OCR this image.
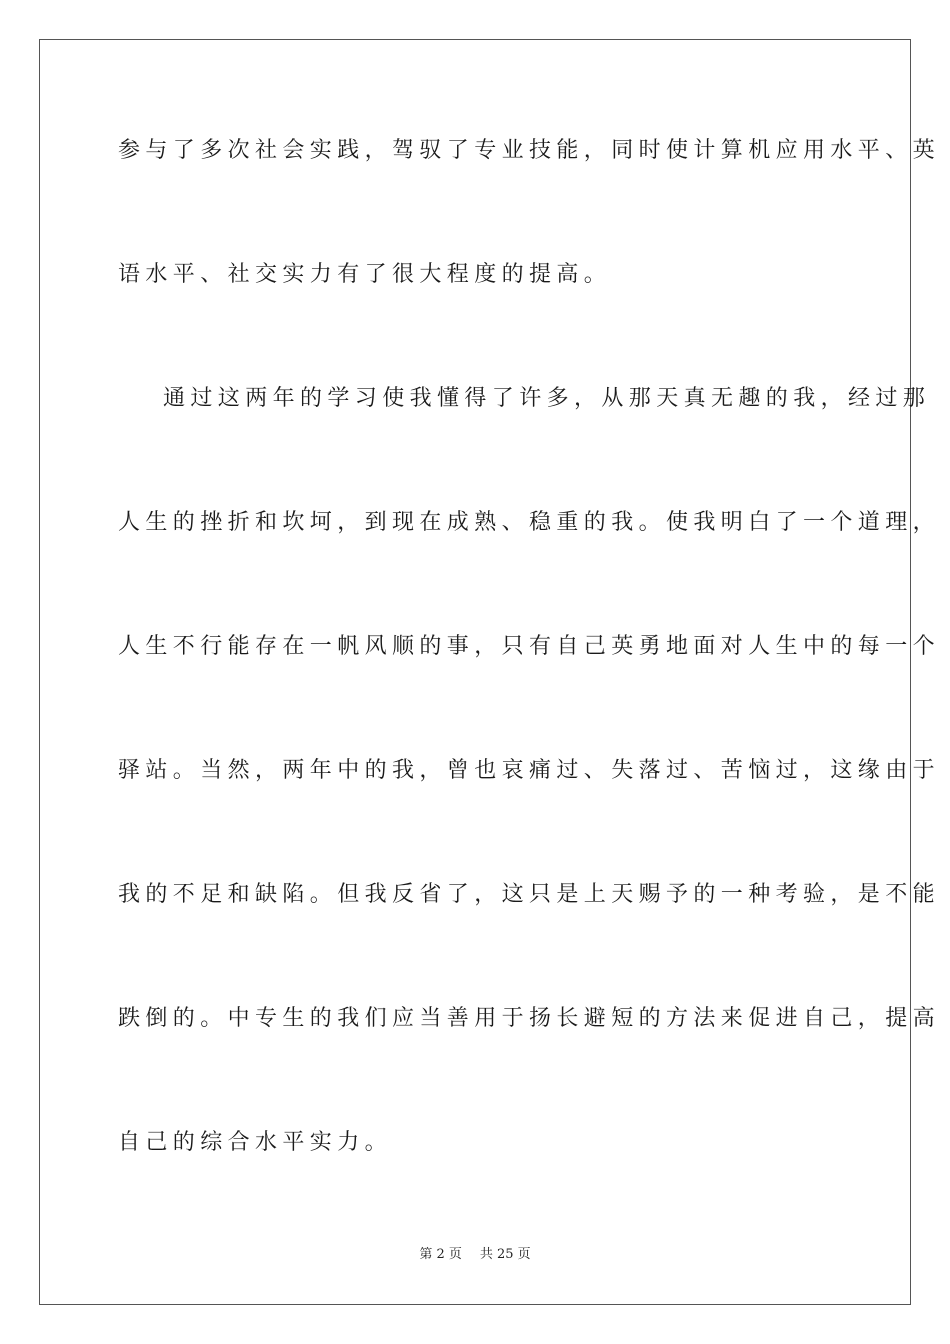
参与了多次社会实践，驾驭了专业技能，同时使计算机应用水平、英
语水平、社交实力有了很大程度的提高。
通过这两年的学习使我懂得了许多，从那天真无趣的我，经过那
人生的挫折和坎坷，到现在成熟、稳重的我。使我明白了一个道理，
人生不行能存在一帆风顺的事，只有自己英勇地面对人生中的每一个
驿站。当然，两年中的我，曾也哀痛过、失落过、苦恼过，这缘由于
我的不足和缺陷。但我反省了，这只是上天赐予的一种考验，是不能
跌倒的。中专生的我们应当善用于扬长避短的方法来促进自己，提高
自己的综合水平实力。
第 2 页 共 25 页
